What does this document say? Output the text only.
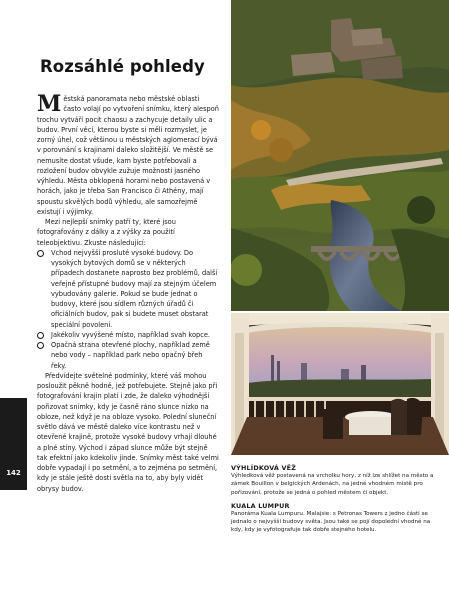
Rozsáhlé pohledy

Městská panoramata nebo městské oblasti často volají po vytvoření snímku, který alespoň trochu vytváří pocit chaosu a zachycuje detaily ulic a budov. První věcí, kterou byste si měli rozmyslet, je zorný úhel, což většinou u městských aglomerací bývá v porovnání s krajinami daleko složitější. Ve městě se nemusíte dostat všude, kam byste potřebovali a rozložení budov obvykle zužuje možnosti jasného výhledu. Města obklopená horami nebo postavená v horách, jako je třeba San Francisco či Athény, mají spoustu skvělých bodů výhledu, ale samozřejmě existují i výjimky.

Mezi nejlepší snímky patří ty, které jsou fotografovány z dálky a z výšky za použití teleobjektivu. Zkuste následující:

Vchod nejvyšší prosluté vysoké budovy. Do vysokých bytových domů se v některých případech dostanete naprosto bez problémů, další veřejně přístupné budovy mají za stejným účelem vybudovány galerie. Pokud se bude jednat o budovy, které jsou sídlem různých úřadů či oficiálních budov, pak si budete muset obstarat speciální povolení.
Jakékoliv vyvýšené místo, například svah kopce.
Opačná strana otevřené plochy, například země nebo vody – například park nebo opačný břeh řeky.

Předvídejte světelné podmínky, které váš mohou posloužit pěkně hodně, jež potřebujete. Stejně jako při fotografování krajin platí i zde, že daleko výhodnější pořizovat snímky, kdy je časně ráno slunce nízko na obloze, než když je na obloze vysoko. Polední sluneční světlo dává ve městě daleko více kontrastu než v otevřené krajině, protože vysoké budovy vrhají dlouhé a plné stíny. Východ i západ slunce může být stejně tak efektní jako kdekoliv jinde. Snímky měst také velmi dobře vypadají i po setmění, a to zejména po setmění, kdy je stále ještě dosti světla na to, aby byly vidět obrysy budov.

142

VÝHLÍDKOVÁ VĚŽ

Výhledková věž postavená na vrcholku hory, z níž lze shlížet na město a zámek Bouillon v belgických Ardenách, na jedné vhodném místě pro pořizování, protože se jedná o pohled městem či objekt.

KUALA LUMPUR

Panoráma Kuala Lumpuru. Malajsie: s Petronas Towers z jedno části se jednalo o nejvyšší budovy světa. Jsou také se pojí dopolední vhodné na kdy, kdy je vyfotografuje tak dobře stejného hotelu.
